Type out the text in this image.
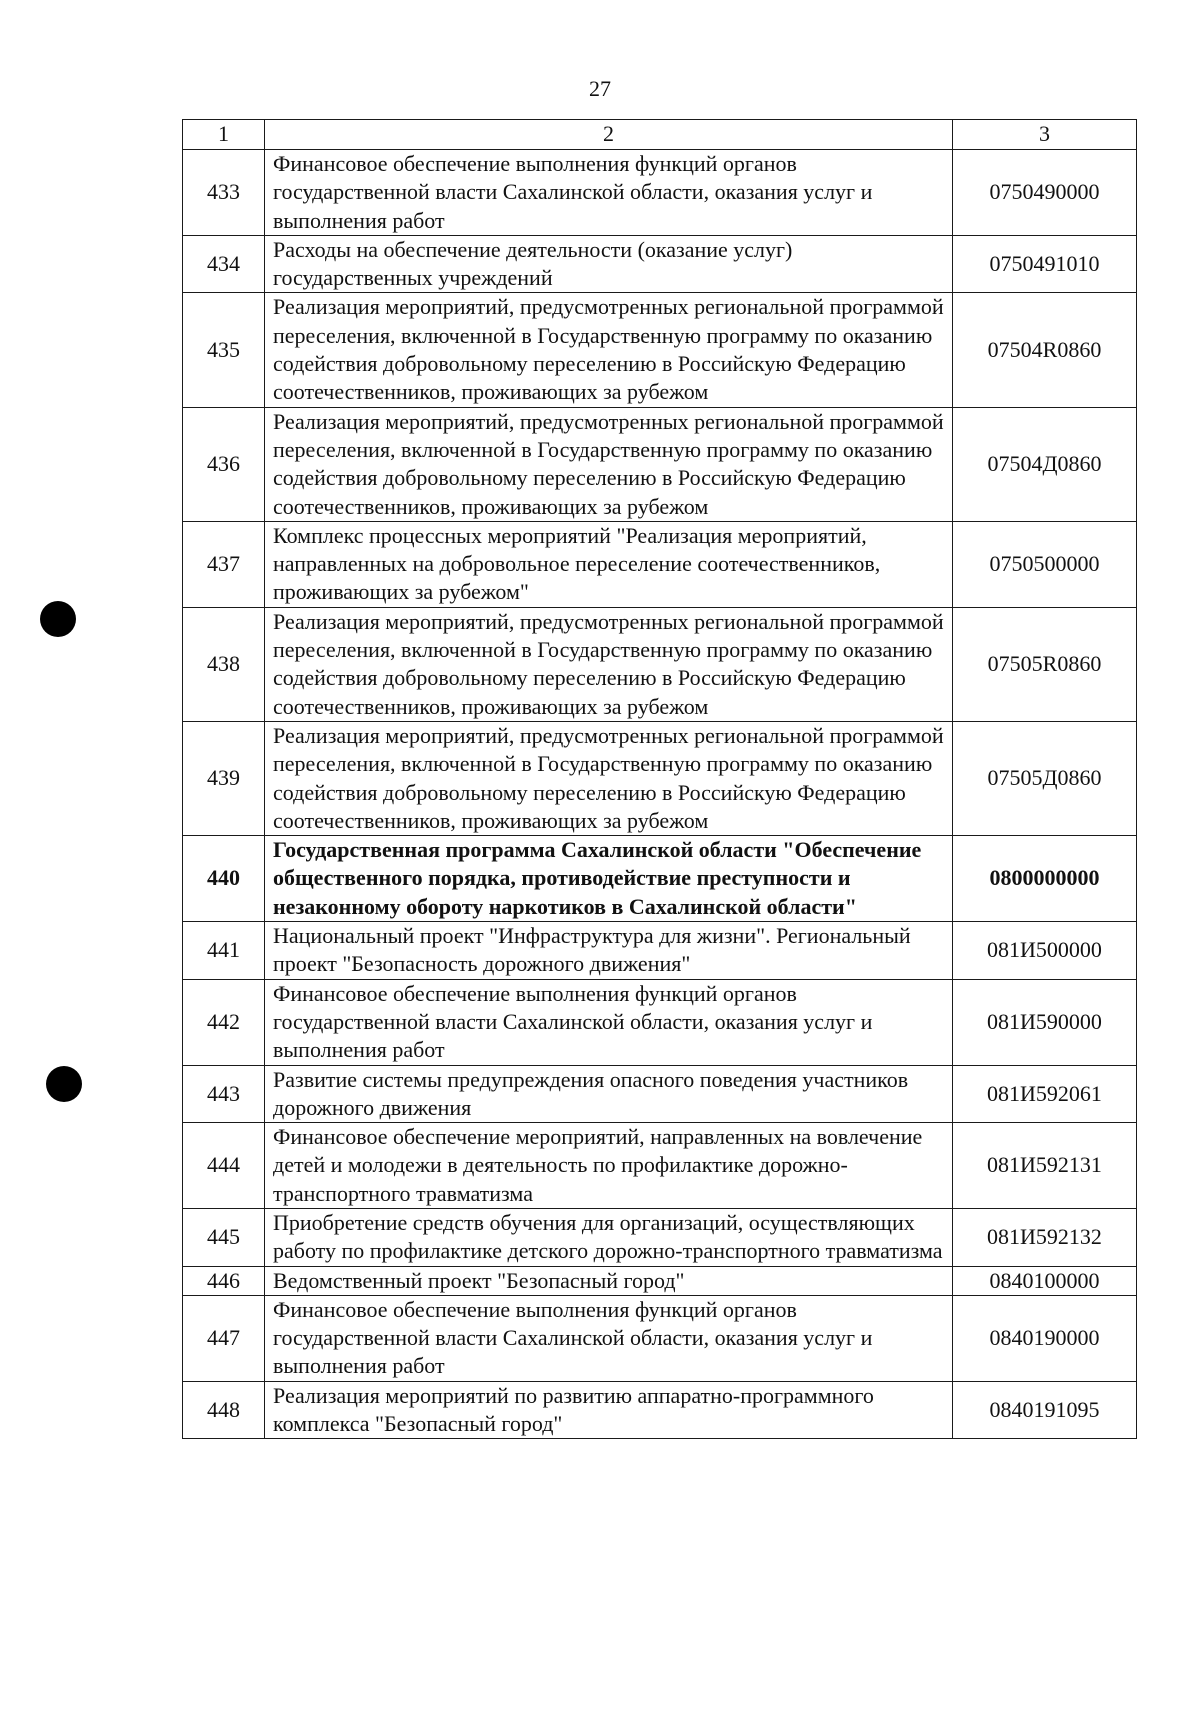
27
1	2	3
433	Финансовое обеспечение выполнения функций органов государственной власти Сахалинской области, оказания услуг и выполнения работ	0750490000
434	Расходы на обеспечение деятельности (оказание услуг) государственных учреждений	0750491010
435	Реализация мероприятий, предусмотренных региональной программой переселения, включенной в Государственную программу по оказанию содействия добровольному переселению в Российскую Федерацию соотечественников, проживающих за рубежом	07504R0860
436	Реализация мероприятий, предусмотренных региональной программой переселения, включенной в Государственную программу по оказанию содействия добровольному переселению в Российскую Федерацию соотечественников, проживающих за рубежом	07504Д0860
437	Комплекс процессных мероприятий "Реализация мероприятий, направленных на добровольное переселение соотечественников, проживающих за рубежом"	0750500000
438	Реализация мероприятий, предусмотренных региональной программой переселения, включенной в Государственную программу по оказанию содействия добровольному переселению в Российскую Федерацию соотечественников, проживающих за рубежом	07505R0860
439	Реализация мероприятий, предусмотренных региональной программой переселения, включенной в Государственную программу по оказанию содействия добровольному переселению в Российскую Федерацию соотечественников, проживающих за рубежом	07505Д0860
440	Государственная программа Сахалинской области "Обеспечение общественного порядка, противодействие преступности и незаконному обороту наркотиков в Сахалинской области"	0800000000
441	Национальный проект "Инфраструктура для жизни". Региональный проект "Безопасность дорожного движения"	081И500000
442	Финансовое обеспечение выполнения функций органов государственной власти Сахалинской области, оказания услуг и выполнения работ	081И590000
443	Развитие системы предупреждения опасного поведения участников дорожного движения	081И592061
444	Финансовое обеспечение мероприятий, направленных на вовлечение детей и молодежи в деятельность по профилактике дорожно-транспортного травматизма	081И592131
445	Приобретение средств обучения для организаций, осуществляющих работу по профилактике детского дорожно-транспортного травматизма	081И592132
446	Ведомственный проект "Безопасный город"	0840100000
447	Финансовое обеспечение выполнения функций органов государственной власти Сахалинской области, оказания услуг и выполнения работ	0840190000
448	Реализация мероприятий по развитию аппаратно-программного комплекса "Безопасный город"	0840191095
